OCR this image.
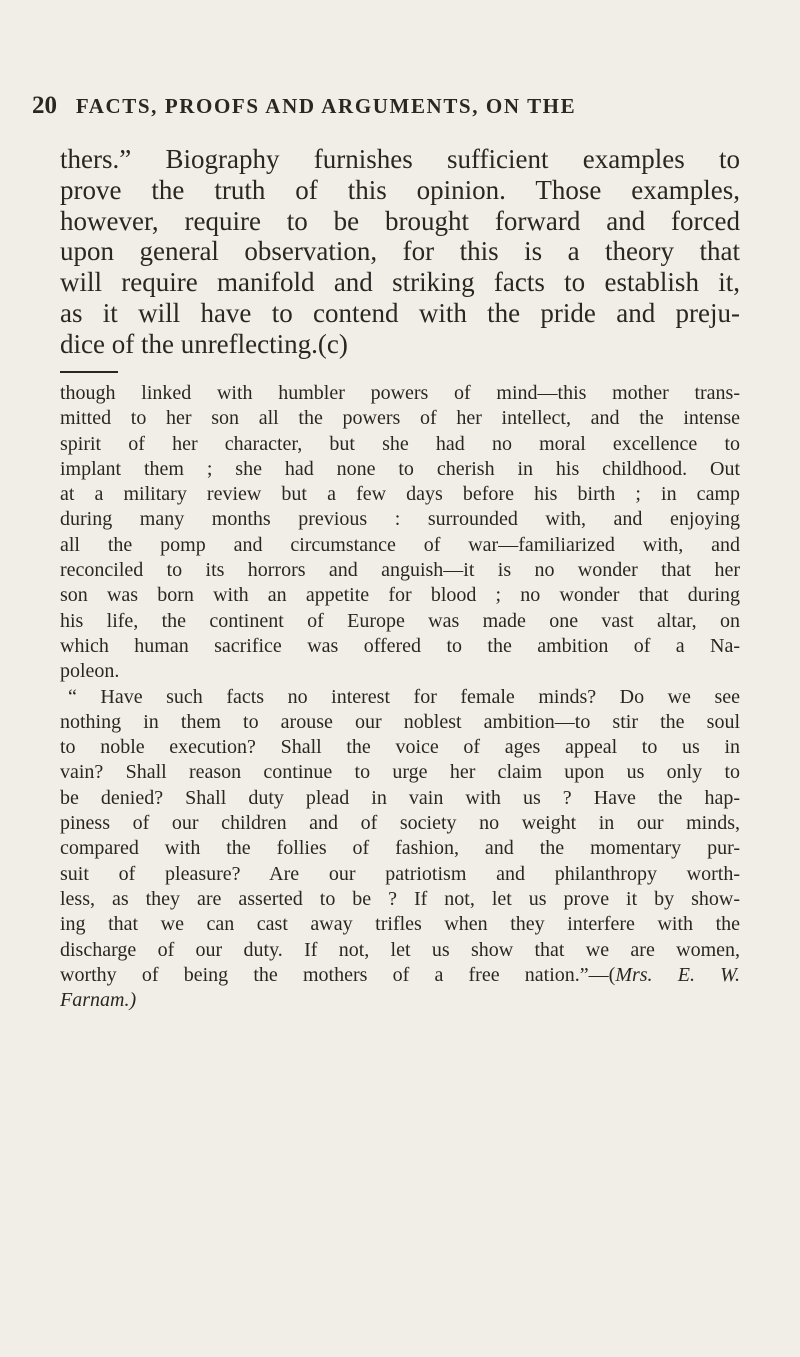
20 FACTS, PROOFS AND ARGUMENTS, ON THE
thers.” Biography furnishes sufficient examples to
prove the truth of this opinion. Those examples,
however, require to be brought forward and forced
upon general observation, for this is a theory that
will require manifold and striking facts to establish it,
as it will have to contend with the pride and preju-
dice of the unreflecting.(c)
though linked with humbler powers of mind—this mother trans-
mitted to her son all the powers of her intellect, and the intense
spirit of her character, but she had no moral excellence to
implant them ; she had none to cherish in his childhood. Out
at a military review but a few days before his birth ; in camp
during many months previous : surrounded with, and enjoying
all the pomp and circumstance of war—familiarized with, and
reconciled to its horrors and anguish—it is no wonder that her
son was born with an appetite for blood ; no wonder that during
his life, the continent of Europe was made one vast altar, on
which human sacrifice was offered to the ambition of a Na-
poleon.
“ Have such facts no interest for female minds? Do we see
nothing in them to arouse our noblest ambition—to stir the soul
to noble execution? Shall the voice of ages appeal to us in
vain? Shall reason continue to urge her claim upon us only to
be denied? Shall duty plead in vain with us ? Have the hap-
piness of our children and of society no weight in our minds,
compared with the follies of fashion, and the momentary pur-
suit of pleasure? Are our patriotism and philanthropy worth-
less, as they are asserted to be ? If not, let us prove it by show-
ing that we can cast away trifles when they interfere with the
discharge of our duty. If not, let us show that we are women,
worthy of being the mothers of a free nation.”—(Mrs. E. W.
Farnam.)
